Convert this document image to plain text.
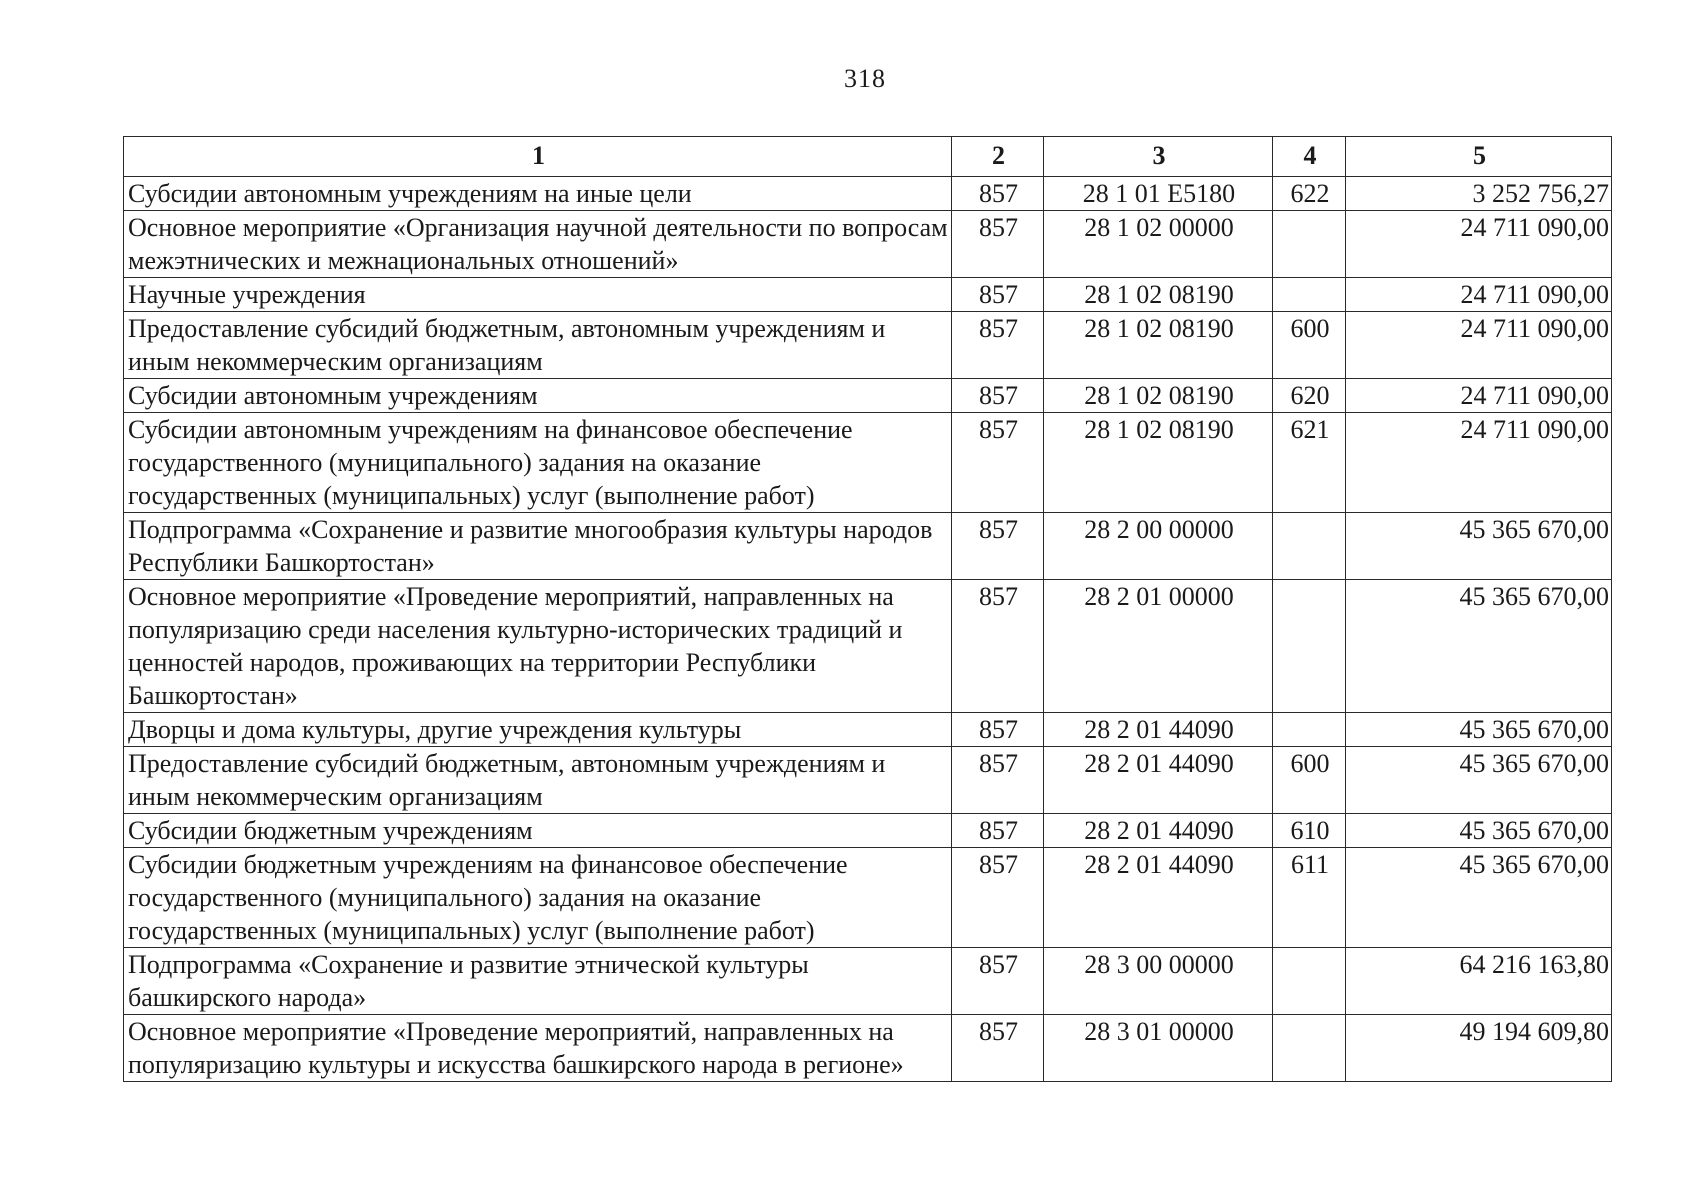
318
1	2	3	4	5
Субсидии автономным учреждениям на иные цели	857	28 1 01 Е5180	622	3 252 756,27
Основное мероприятие «Организация научной деятельности по вопросам межэтнических и межнациональных отношений»	857	28 1 02 00000		24 711 090,00
Научные учреждения	857	28 1 02 08190		24 711 090,00
Предоставление субсидий бюджетным, автономным учреждениям и иным некоммерческим организациям	857	28 1 02 08190	600	24 711 090,00
Субсидии автономным учреждениям	857	28 1 02 08190	620	24 711 090,00
Субсидии автономным учреждениям на финансовое обеспечение государственного (муниципального) задания на оказание государственных (муниципальных) услуг (выполнение работ)	857	28 1 02 08190	621	24 711 090,00
Подпрограмма «Сохранение и развитие многообразия культуры народов Республики Башкортостан»	857	28 2 00 00000		45 365 670,00
Основное мероприятие «Проведение мероприятий, направленных на популяризацию среди населения культурно-исторических традиций и ценностей народов, проживающих на территории Республики Башкортостан»	857	28 2 01 00000		45 365 670,00
Дворцы и дома культуры, другие учреждения культуры	857	28 2 01 44090		45 365 670,00
Предоставление субсидий бюджетным, автономным учреждениям и иным некоммерческим организациям	857	28 2 01 44090	600	45 365 670,00
Субсидии бюджетным учреждениям	857	28 2 01 44090	610	45 365 670,00
Субсидии бюджетным учреждениям на финансовое обеспечение государственного (муниципального) задания на оказание государственных (муниципальных) услуг (выполнение работ)	857	28 2 01 44090	611	45 365 670,00
Подпрограмма «Сохранение и развитие этнической культуры башкирского народа»	857	28 3 00 00000		64 216 163,80
Основное мероприятие «Проведение мероприятий, направленных на популяризацию культуры и искусства башкирского народа в регионе»	857	28 3 01 00000		49 194 609,80
